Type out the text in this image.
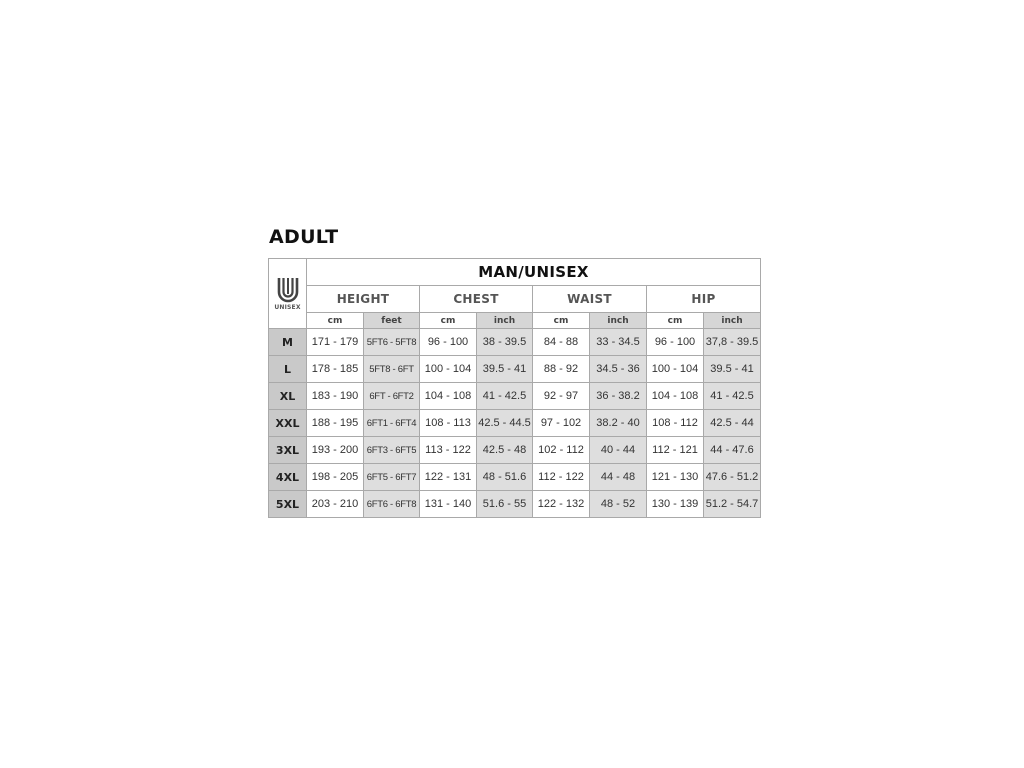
ADULT
UNISEX	MAN/UNISEX							
	HEIGHT		CHEST		WAIST		HIP	
	cm	feet	cm	inch	cm	inch	cm	inch
M	171 - 179	5FT6 - 5FT8	96 - 100	38 - 39.5	84 - 88	33 - 34.5	96 - 100	37,8 - 39.5
L	178 - 185	5FT8 - 6FT	100 - 104	39.5 - 41	88 - 92	34.5 - 36	100 - 104	39.5 - 41
XL	183 - 190	6FT - 6FT2	104 - 108	41 - 42.5	92 - 97	36 - 38.2	104 - 108	41 - 42.5
XXL	188 - 195	6FT1 - 6FT4	108 - 113	42.5 - 44.5	97 - 102	38.2 - 40	108 - 112	42.5 - 44
3XL	193 - 200	6FT3 - 6FT5	113 - 122	42.5 - 48	102 - 112	40 - 44	112 - 121	44 - 47.6
4XL	198 - 205	6FT5 - 6FT7	122 - 131	48 - 51.6	112 - 122	44 - 48	121 - 130	47.6 - 51.2
5XL	203 - 210	6FT6 - 6FT8	131 - 140	51.6 - 55	122 - 132	48 - 52	130 - 139	51.2 - 54.7
